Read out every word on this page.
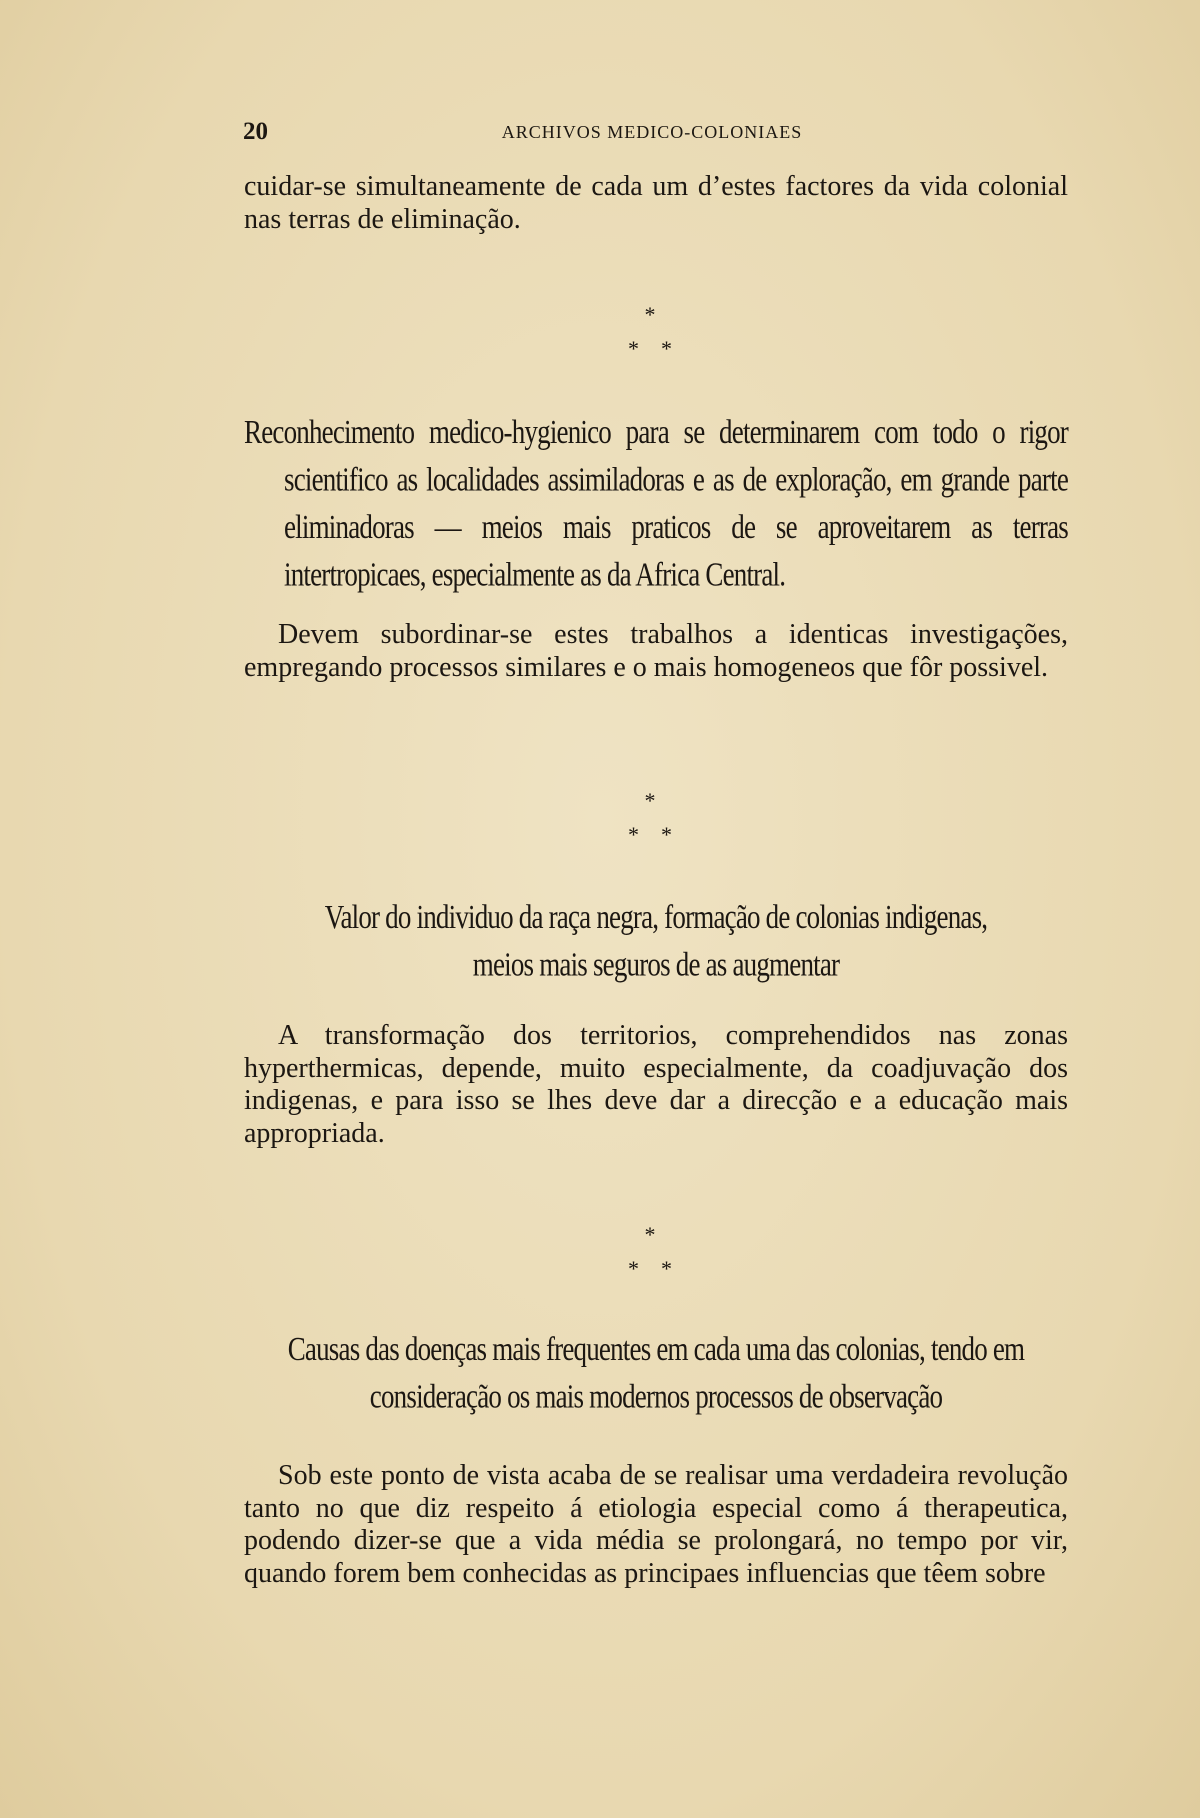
20	ARCHIVOS MEDICO-COLONIAES
cuidar-se simultaneamente de cada um d’estes factores da vida colonial nas terras de eliminação.
*
*    *
Reconhecimento medico-hygienico para se determinarem com todo o rigor scientifico as localidades assimiladoras e as de exploração, em grande parte eliminadoras — meios mais praticos de se aproveitarem as terras intertropicaes, especialmente as da Africa Central.
Devem subordinar-se estes trabalhos a identicas investigações, empregando processos similares e o mais homogeneos que fôr possivel.
*
*    *
Valor do individuo da raça negra, formação de colonias indigenas, meios mais seguros de as augmentar
A transformação dos territorios, comprehendidos nas zonas hyperthermicas, depende, muito especialmente, da coadjuvação dos indigenas, e para isso se lhes deve dar a direcção e a educação mais appropriada.
*
*    *
Causas das doenças mais frequentes em cada uma das colonias, tendo em consideração os mais modernos processos de observação
Sob este ponto de vista acaba de se realisar uma verdadeira revolução tanto no que diz respeito á etiologia especial como á therapeutica, podendo dizer-se que a vida média se prolongará, no tempo por vir, quando forem bem conhecidas as principaes influencias que têem sobre
